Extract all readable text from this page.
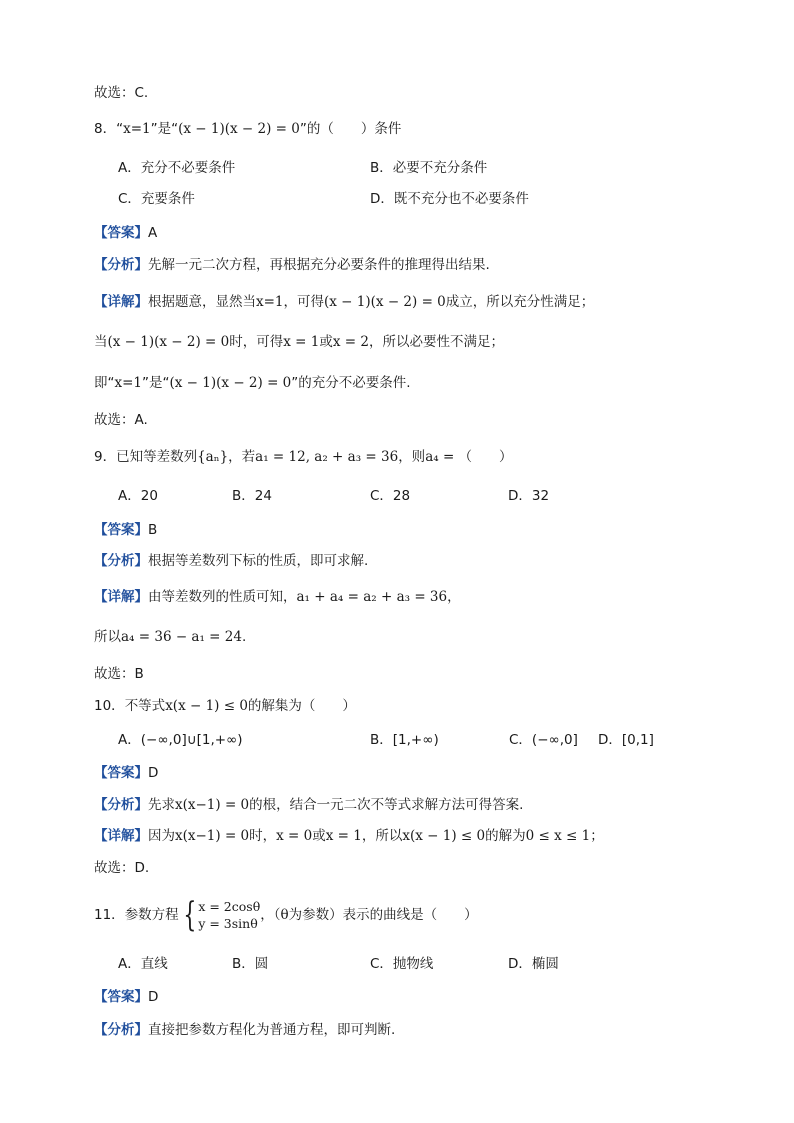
故选：C.
8．“x=1”是“(x − 1)(x − 2) = 0”的（　　）条件
A．充分不必要条件	B．必要不充分条件
C．充要条件	D．既不充分也不必要条件
【答案】A
【分析】先解一元二次方程，再根据充分必要条件的推理得出结果.
【详解】根据题意，显然当x=1，可得(x − 1)(x − 2) = 0成立，所以充分性满足；
当(x − 1)(x − 2) = 0时，可得x = 1或x = 2，所以必要性不满足；
即“x=1”是“(x − 1)(x − 2) = 0”的充分不必要条件.
故选：A.
9．已知等差数列{aₙ}，若a₁ = 12, a₂ + a₃ = 36，则a₄ = （　　）
A．20	B．24	C．28	D．32
【答案】B
【分析】根据等差数列下标的性质，即可求解.
【详解】由等差数列的性质可知，a₁ + a₄ = a₂ + a₃ = 36，
所以a₄ = 36 − a₁ = 24.
故选：B
10．不等式x(x − 1) ≤ 0的解集为（　　）
A．(−∞,0]∪[1,+∞)	B．[1,+∞)	C．(−∞,0] D．[0,1]
【答案】D
【分析】先求x(x−1) = 0的根，结合一元二次不等式求解方法可得答案.
【详解】因为x(x−1) = 0时，x = 0或x = 1，所以x(x − 1) ≤ 0的解为0 ≤ x ≤ 1；
故选：D.
11．参数方程 { x = 2cosθ
y = 3sinθ
，（θ为参数）表示的曲线是（　　）
A．直线	B．圆	C．抛物线	D．椭圆
【答案】D
【分析】直接把参数方程化为普通方程，即可判断.
